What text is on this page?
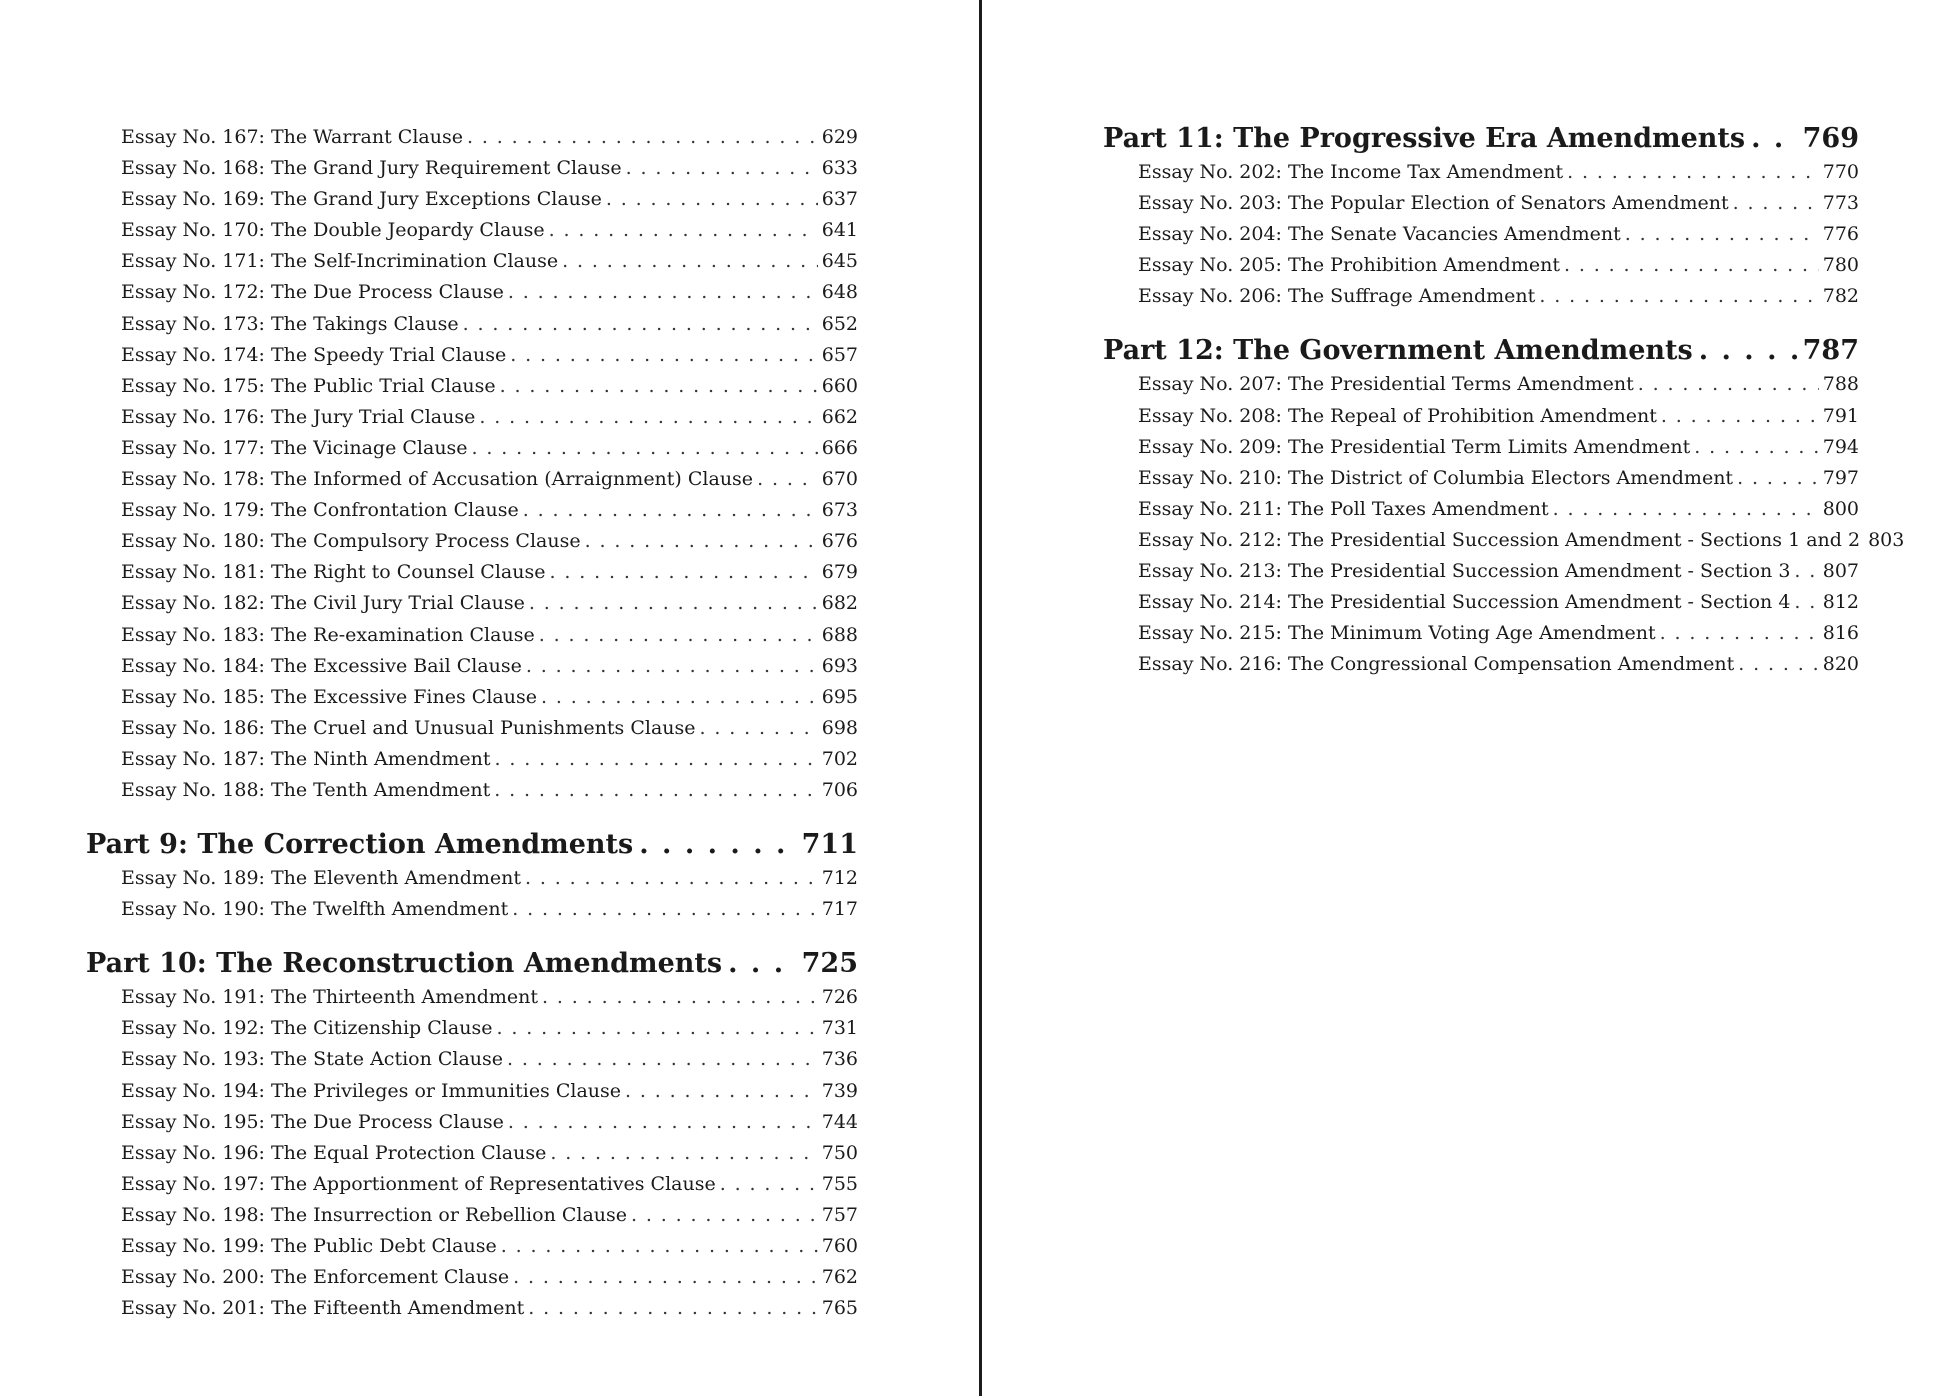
Essay No. 167: The Warrant Clause . . .	629
Essay No. 168: The Grand Jury Requirement Clause . . .	633
Essay No. 169: The Grand Jury Exceptions Clause . . .	637
Essay No. 170: The Double Jeopardy Clause . . .	641
Essay No. 171: The Self-Incrimination Clause . . .	645
Essay No. 172: The Due Process Clause . . .	648
Essay No. 173: The Takings Clause . . .	652
Essay No. 174: The Speedy Trial Clause . . .	657
Essay No. 175: The Public Trial Clause . . .	660
Essay No. 176: The Jury Trial Clause . . .	662
Essay No. 177: The Vicinage Clause . . .	666
Essay No. 178: The Informed of Accusation (Arraignment) Clause . . .	670
Essay No. 179: The Confrontation Clause . . .	673
Essay No. 180: The Compulsory Process Clause . . .	676
Essay No. 181: The Right to Counsel Clause . . .	679
Essay No. 182: The Civil Jury Trial Clause . . .	682
Essay No. 183: The Re-examination Clause . . .	688
Essay No. 184: The Excessive Bail Clause . . .	693
Essay No. 185: The Excessive Fines Clause . . .	695
Essay No. 186: The Cruel and Unusual Punishments Clause . . .	698
Essay No. 187: The Ninth Amendment . . .	702
Essay No. 188: The Tenth Amendment . . .	706
Part 9: The Correction Amendments . . .	711
Essay No. 189: The Eleventh Amendment . . .	712
Essay No. 190: The Twelfth Amendment . . .	717
Part 10: The Reconstruction Amendments . . .	725
Essay No. 191: The Thirteenth Amendment . . .	726
Essay No. 192: The Citizenship Clause . . .	731
Essay No. 193: The State Action Clause . . .	736
Essay No. 194: The Privileges or Immunities Clause . . .	739
Essay No. 195: The Due Process Clause . . .	744
Essay No. 196: The Equal Protection Clause . . .	750
Essay No. 197: The Apportionment of Representatives Clause . . .	755
Essay No. 198: The Insurrection or Rebellion Clause . . .	757
Essay No. 199: The Public Debt Clause . . .	760
Essay No. 200: The Enforcement Clause . . .	762
Essay No. 201: The Fifteenth Amendment . . .	765
Part 11: The Progressive Era Amendments . . . 769
Essay No. 202: The Income Tax Amendment . . .	770
Essay No. 203: The Popular Election of Senators Amendment . . .	773
Essay No. 204: The Senate Vacancies Amendment . . .	776
Essay No. 205: The Prohibition Amendment . . .	780
Essay No. 206: The Suffrage Amendment . . .	782
Part 12: The Government Amendments . . .	787
Essay No. 207: The Presidential Terms Amendment . . .	788
Essay No. 208: The Repeal of Prohibition Amendment . . .	791
Essay No. 209: The Presidential Term Limits Amendment . . .	794
Essay No. 210: The District of Columbia Electors Amendment . . .	797
Essay No. 211: The Poll Taxes Amendment . . .	800
Essay No. 212: The Presidential Succession Amendment - Sections 1 and 2 803
Essay No. 213: The Presidential Succession Amendment - Section 3 . . . 807
Essay No. 214: The Presidential Succession Amendment - Section 4 . . . 812
Essay No. 215: The Minimum Voting Age Amendment . . .	816
Essay No. 216: The Congressional Compensation Amendment . . .	820
